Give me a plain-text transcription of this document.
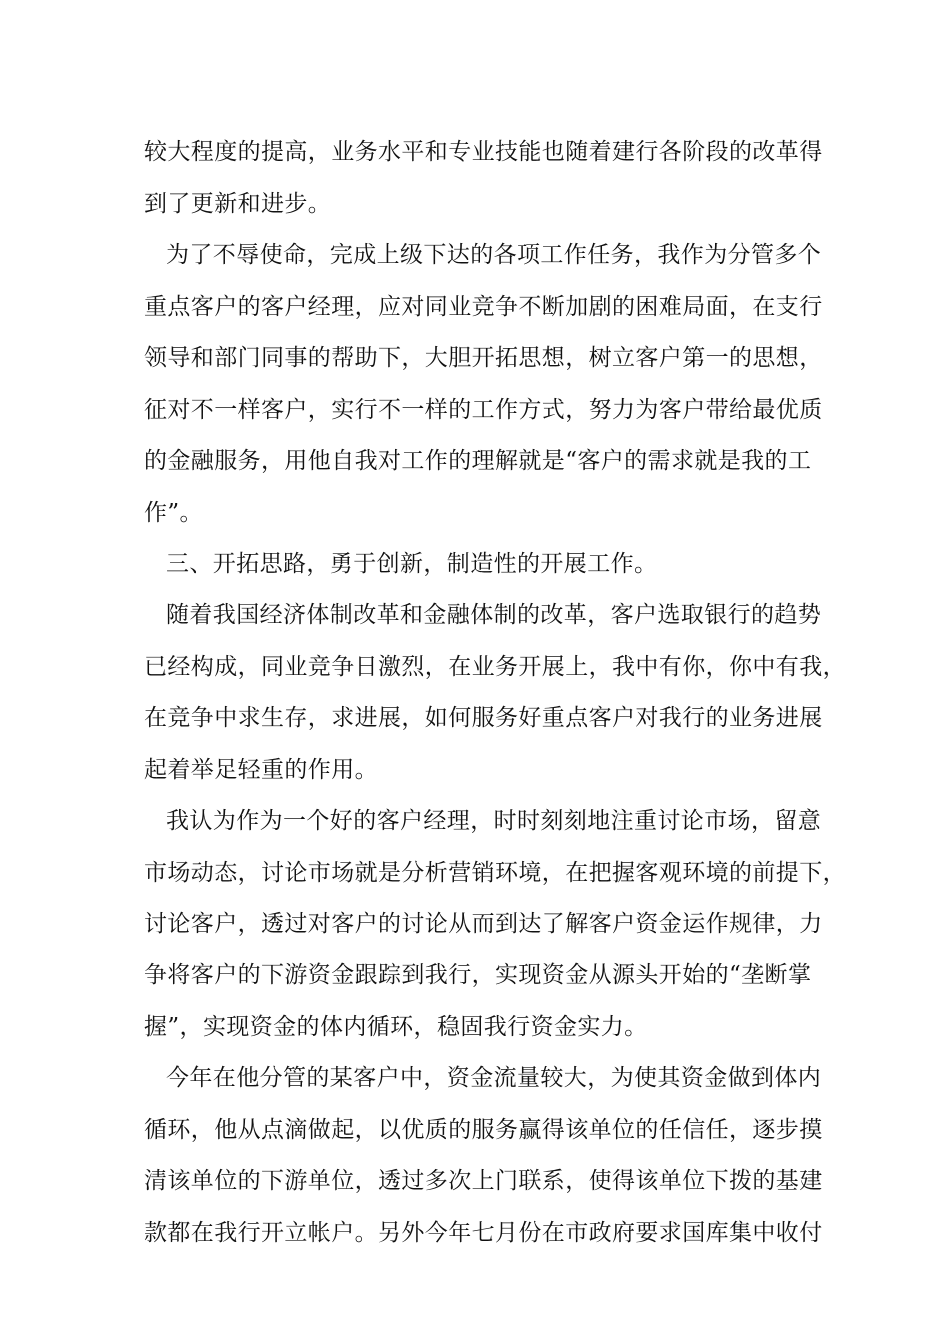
较大程度的提高，业务水平和专业技能也随着建行各阶段的改革得
到了更新和进步。
为了不辱使命，完成上级下达的各项工作任务，我作为分管多个
重点客户的客户经理，应对同业竞争不断加剧的困难局面，在支行
领导和部门同事的帮助下，大胆开拓思想，树立客户第一的思想，
征对不一样客户，实行不一样的工作方式，努力为客户带给最优质
的金融服务，用他自我对工作的理解就是“客户的需求就是我的工
作”。
三、开拓思路，勇于创新，制造性的开展工作。
随着我国经济体制改革和金融体制的改革，客户选取银行的趋势
已经构成，同业竞争日激烈，在业务开展上，我中有你，你中有我，
在竞争中求生存，求进展，如何服务好重点客户对我行的业务进展
起着举足轻重的作用。
我认为作为一个好的客户经理，时时刻刻地注重讨论市场，留意
市场动态，讨论市场就是分析营销环境，在把握客观环境的前提下，
讨论客户，透过对客户的讨论从而到达了解客户资金运作规律，力
争将客户的下游资金跟踪到我行，实现资金从源头开始的“垄断掌
握”，实现资金的体内循环，稳固我行资金实力。
今年在他分管的某客户中，资金流量较大，为使其资金做到体内
循环，他从点滴做起，以优质的服务赢得该单位的任信任，逐步摸
清该单位的下游单位，透过多次上门联系，使得该单位下拨的基建
款都在我行开立帐户。另外今年七月份在市政府要求国库集中收付
